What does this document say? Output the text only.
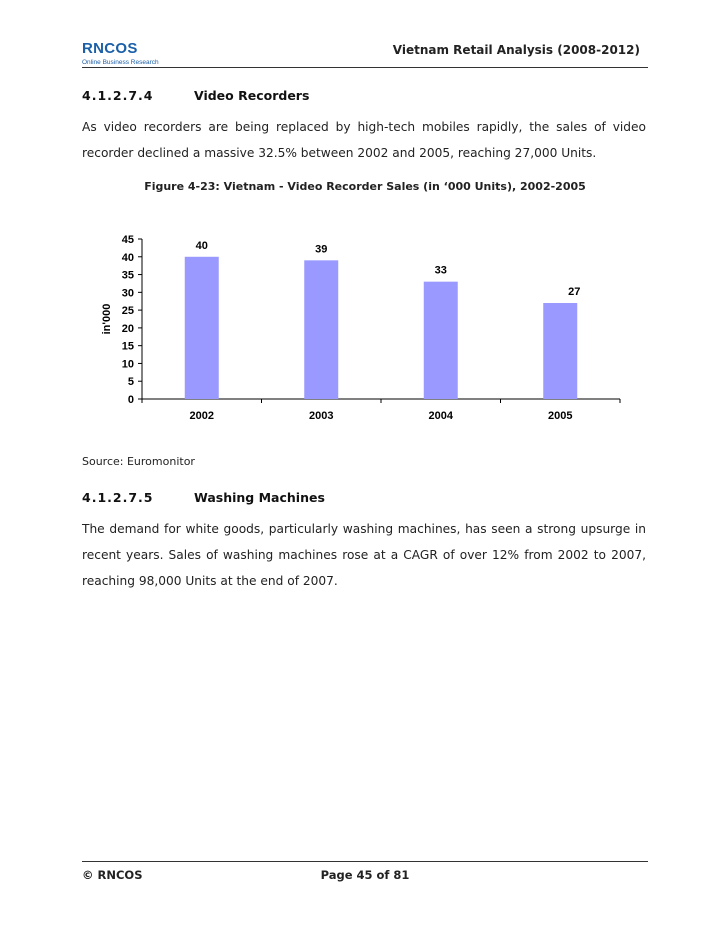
RNCOS
Online Business Research
Vietnam Retail Analysis (2008-2012)
4.1.2.7.4	Video Recorders
As video recorders are being replaced by high-tech mobiles rapidly, the sales of video recorder declined a massive 32.5% between 2002 and 2005, reaching 27,000 Units.
Figure 4-23: Vietnam - Video Recorder Sales (in ‘000 Units), 2002-2005
0
5
10
15
20
25
30
35
40
45
in'000
40
2002
39
2003
33
2004
27
2005
Source: Euromonitor
4.1.2.7.5	Washing Machines
The demand for white goods, particularly washing machines, has seen a strong upsurge in recent years. Sales of washing machines rose at a CAGR of over 12% from 2002 to 2007, reaching 98,000 Units at the end of 2007.
© RNCOS	Page 45 of 81
